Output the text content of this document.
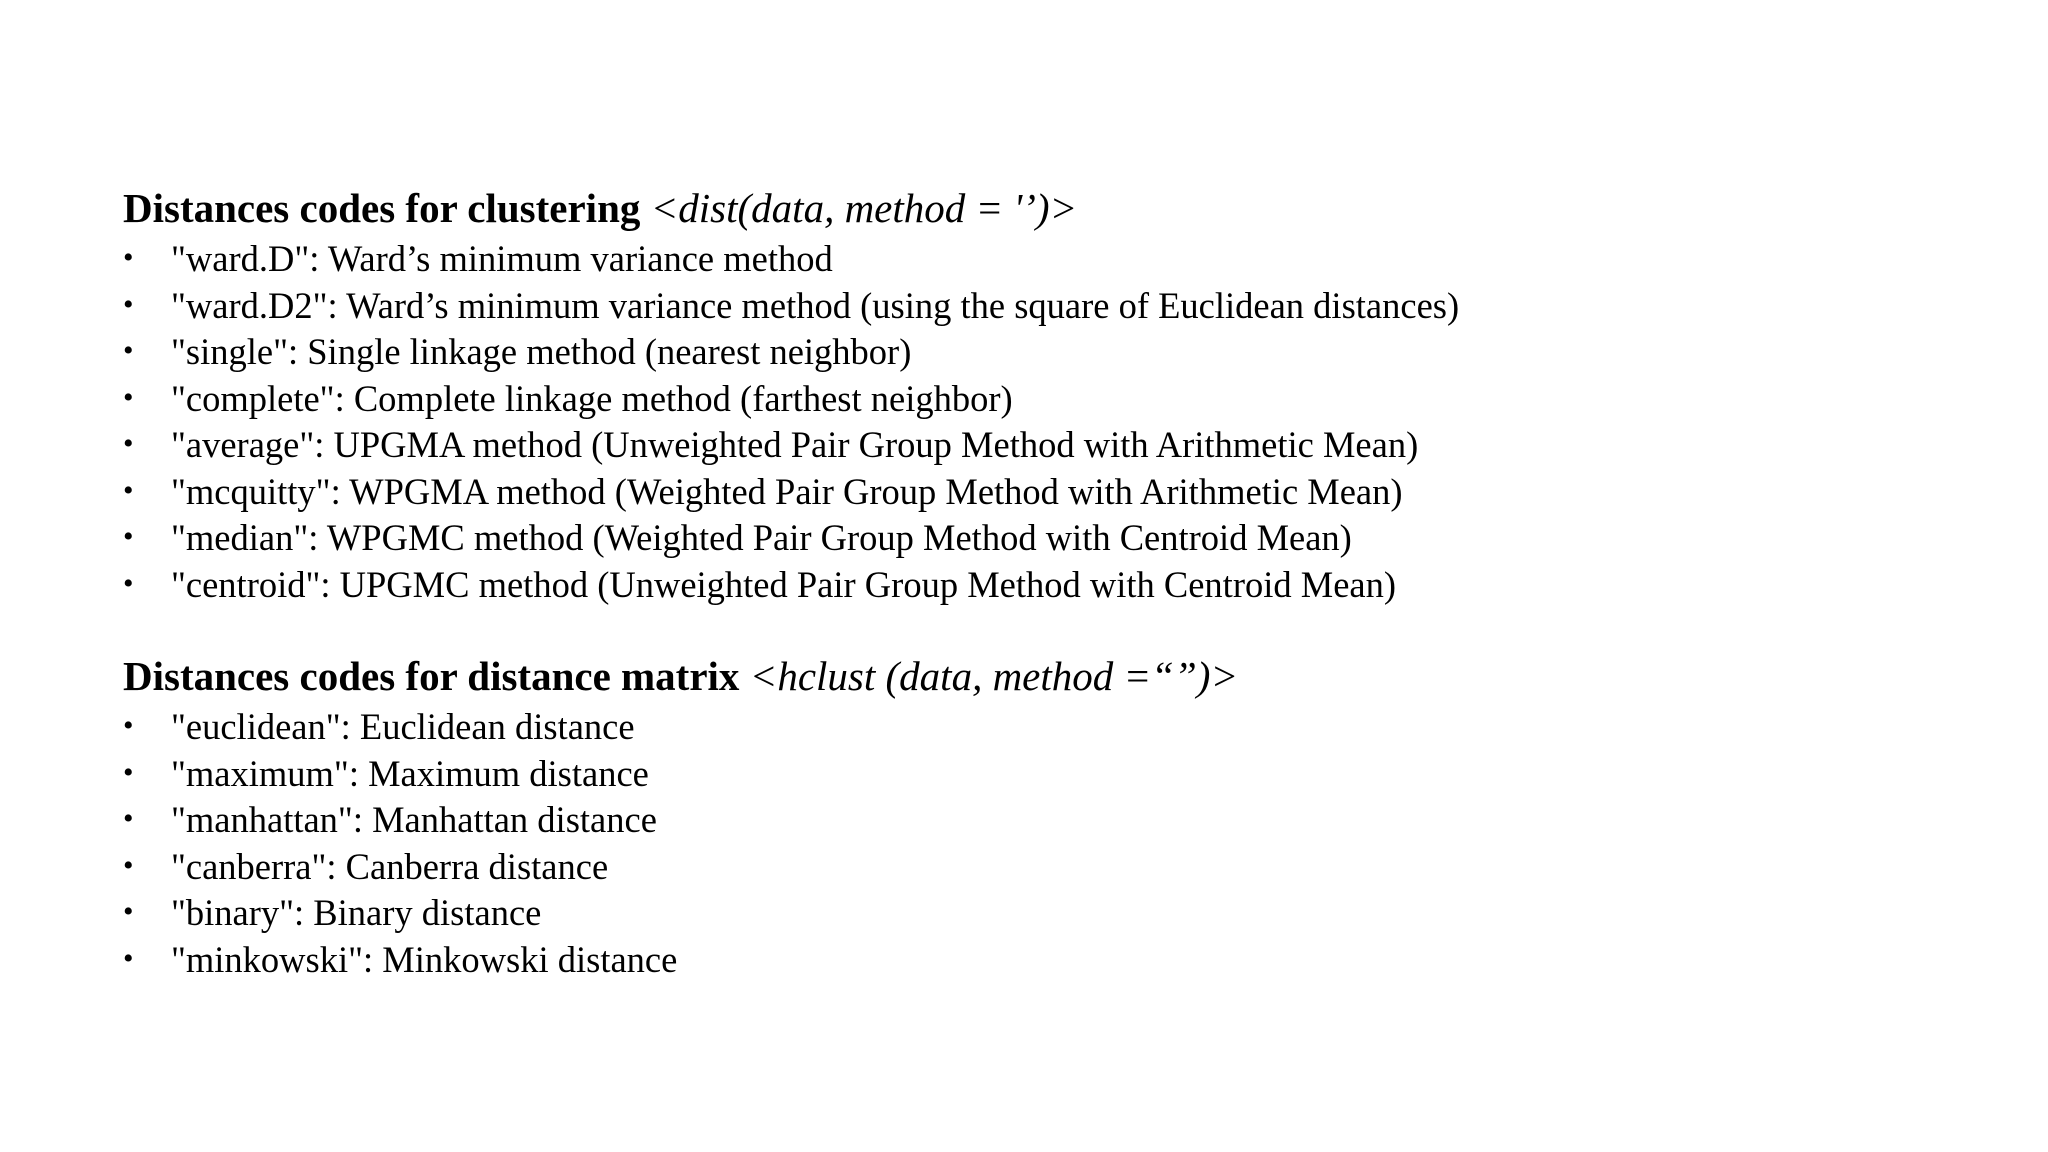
Distances codes for clustering <dist(data, method = '’)>
• "ward.D": Ward’s minimum variance method
• "ward.D2": Ward’s minimum variance method (using the square of Euclidean distances)
• "single": Single linkage method (nearest neighbor)
• "complete": Complete linkage method (farthest neighbor)
• "average": UPGMA method (Unweighted Pair Group Method with Arithmetic Mean)
• "mcquitty": WPGMA method (Weighted Pair Group Method with Arithmetic Mean)
• "median": WPGMC method (Weighted Pair Group Method with Centroid Mean)
• "centroid": UPGMC method (Unweighted Pair Group Method with Centroid Mean)
Distances codes for distance matrix <hclust (data, method =“”)>
• "euclidean": Euclidean distance
• "maximum": Maximum distance
• "manhattan": Manhattan distance
• "canberra": Canberra distance
• "binary": Binary distance
• "minkowski": Minkowski distance
